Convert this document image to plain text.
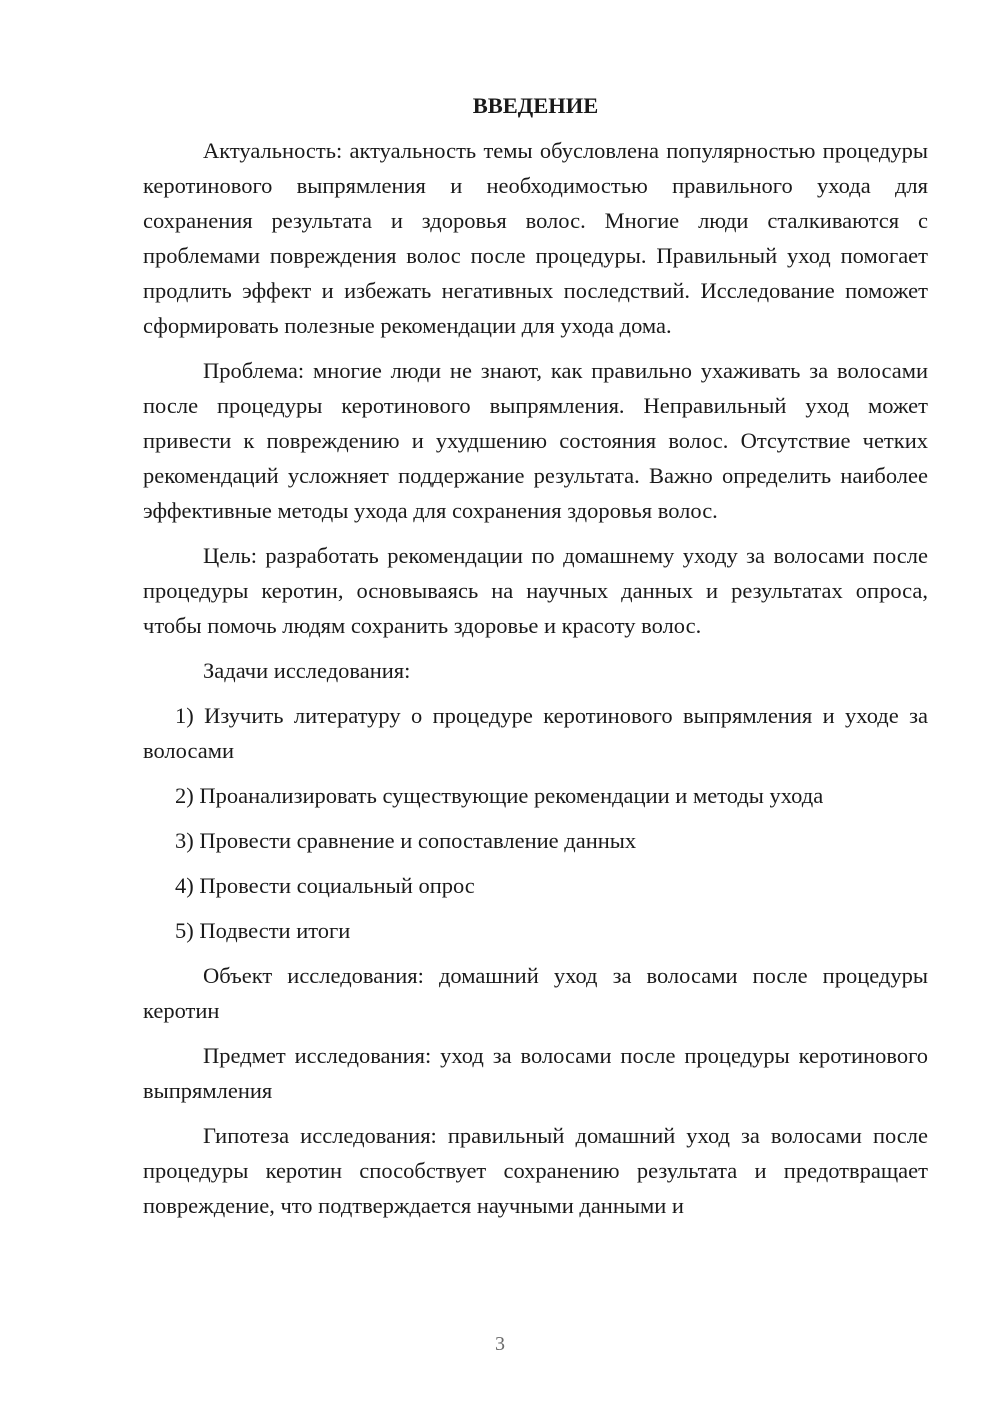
ВВЕДЕНИЕ

Актуальность: актуальность темы обусловлена популярностью процедуры керотинового выпрямления и необходимостью правильного ухода для сохранения результата и здоровья волос. Многие люди сталкиваются с проблемами повреждения волос после процедуры. Правильный уход помогает продлить эффект и избежать негативных последствий. Исследование поможет сформировать полезные рекомендации для ухода дома.

Проблема: многие люди не знают, как правильно ухаживать за волосами после процедуры керотинового выпрямления. Неправильный уход может привести к повреждению и ухудшению состояния волос. Отсутствие четких рекомендаций усложняет поддержание результата. Важно определить наиболее эффективные методы ухода для сохранения здоровья волос.

Цель: разработать рекомендации по домашнему уходу за волосами после процедуры керотин, основываясь на научных данных и результатах опроса, чтобы помочь людям сохранить здоровье и красоту волос.

Задачи исследования:

1) Изучить литературу о процедуре керотинового выпрямления и уходе за волосами

2) Проанализировать существующие рекомендации и методы ухода

3) Провести сравнение и сопоставление данных

4) Провести социальный опрос

5) Подвести итоги

Объект исследования: домашний уход за волосами после процедуры керотин

Предмет исследования: уход за волосами после процедуры керотинового выпрямления

Гипотеза исследования: правильный домашний уход за волосами после процедуры керотин способствует сохранению результата и предотвращает повреждение, что подтверждается научными данными и

3
